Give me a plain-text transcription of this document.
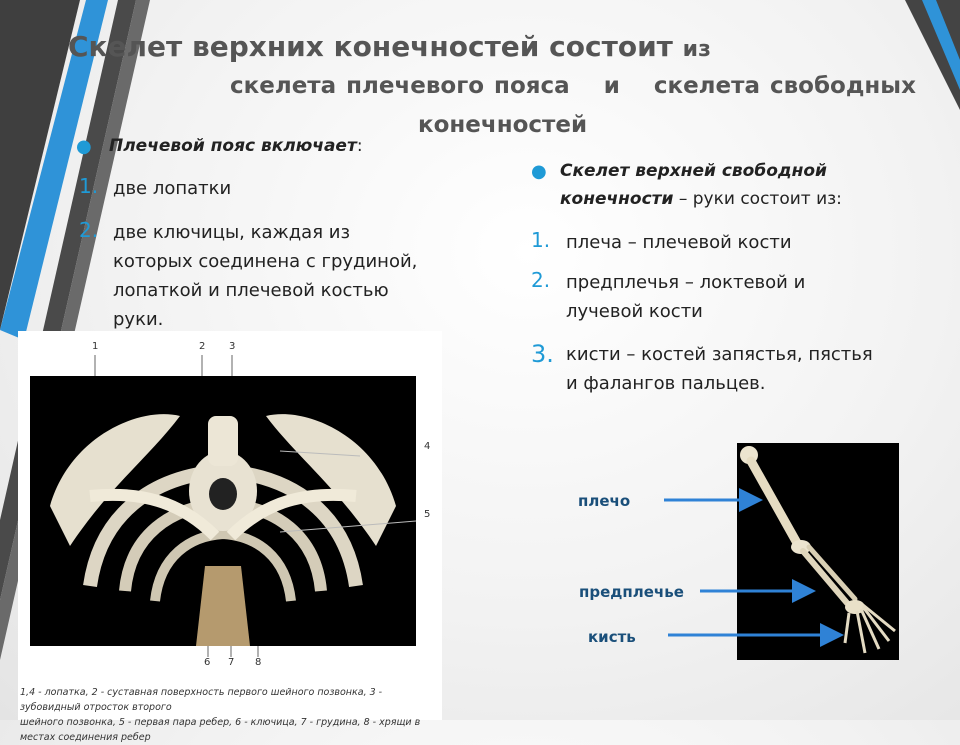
Скелет верхних конечностей состоит из
скелета плечевого пояса и скелета свободных
конечностей
● Плечевой пояс включает:
1. две лопатки
2. две ключицы, каждая из
которых соединена с грудиной,
лопаткой и плечевой костью
руки.
● Скелет верхней свободной
конечности – руки состоит из:
1. плеча – плечевой кости
2. предплечья – локтевой и
лучевой кости
3. кисти – костей запястья, пястья
и фалангов пальцев.
1	2 3
4
5
6 7 8
1,4 - лопатка, 2 - суставная поверхность первого шейного позвонка, 3 - зубовидный отросток второго
шейного позвонка, 5 - первая пара ребер, 6 - ключица, 7 - грудина, 8 - хрящи в местах соединения ребер
плечо
предплечье
кисть
